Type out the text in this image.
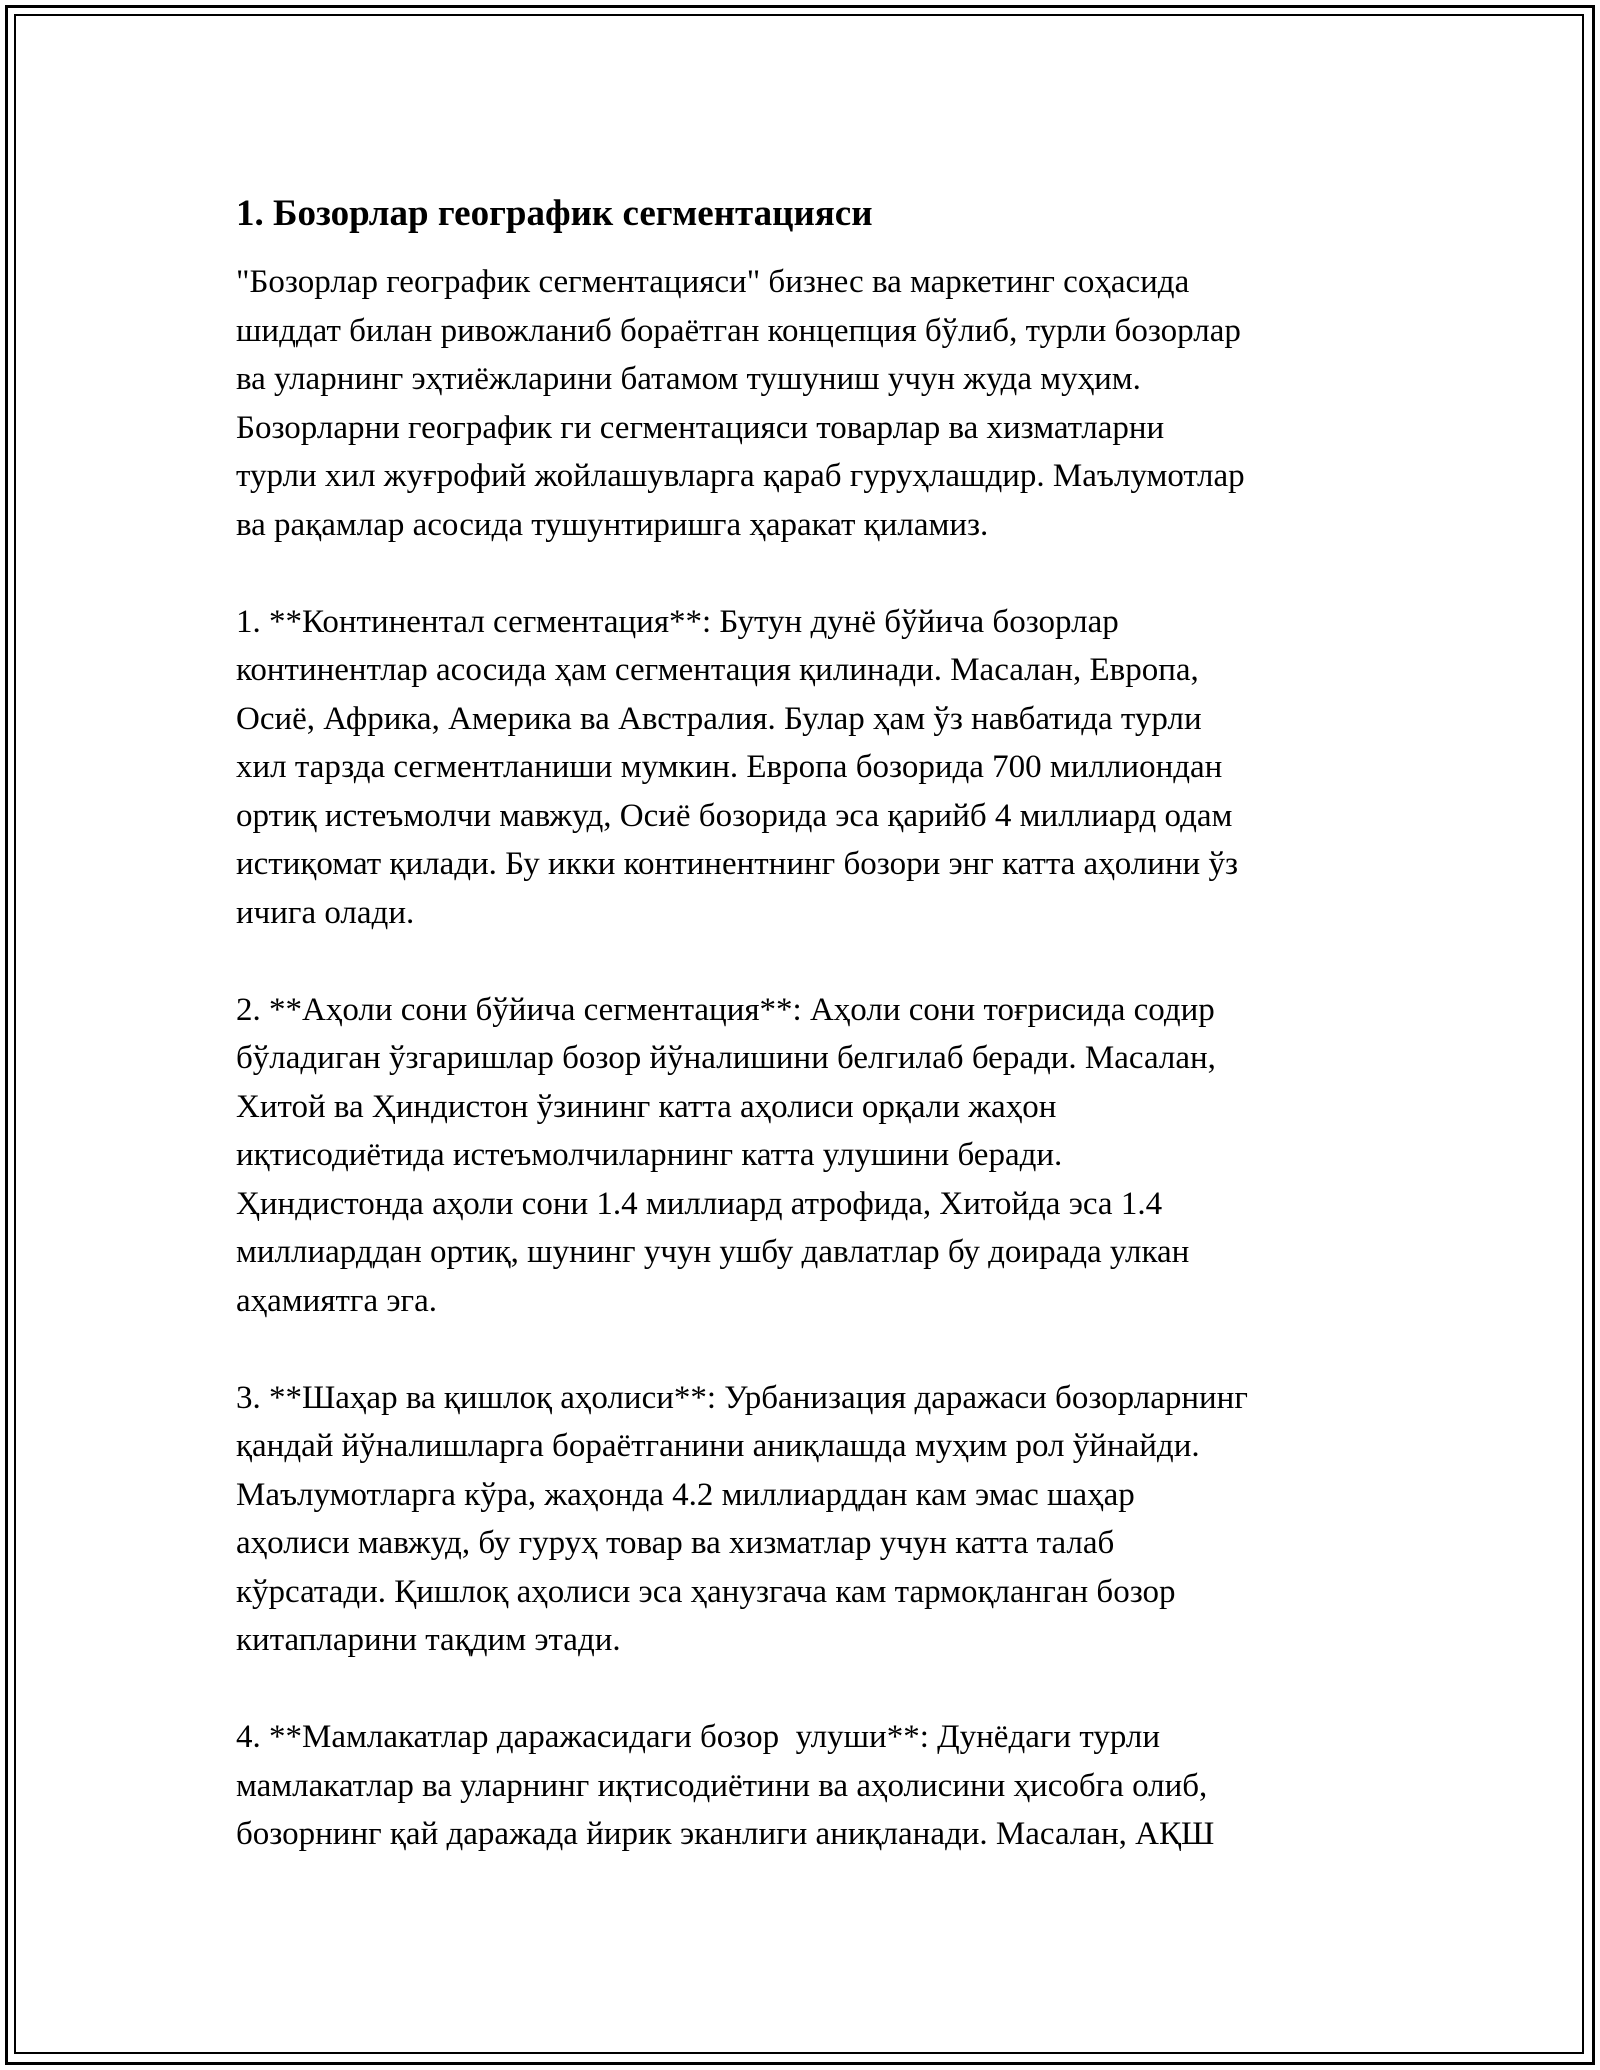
1. Бозорлар географик сегментацияси
"Бозорлар географик сегментацияси" бизнес ва маркетинг соҳасида
шиддат билан ривожланиб бораётган концепция бўлиб, турли бозорлар
ва уларнинг эҳтиёжларини батамом тушуниш учун жуда муҳим.
Бозорларни географик ги сегментацияси товарлар ва хизматларни
турли хил жуғрофий жойлашувларга қараб гуруҳлашдир. Маълумотлар
ва рақамлар асосида тушунтиришга ҳаракат қиламиз.
1. **Континентал сегментация**: Бутун дунё бўйича бозорлар
континентлар асосида ҳам сегментация қилинади. Масалан, Европа,
Осиё, Африка, Америка ва Австралия. Булар ҳам ўз навбатида турли
хил тарзда сегментланиши мумкин. Европа бозорида 700 миллиондан
ортиқ истеъмолчи мавжуд, Осиё бозорида эса қарийб 4 миллиард одам
истиқомат қилади. Бу икки континентнинг бозори энг катта аҳолини ўз
ичига олади.
2. **Аҳоли сони бўйича сегментация**: Аҳоли сони тоғрисида содир
бўладиган ўзгаришлар бозор йўналишини белгилаб беради. Масалан,
Хитой ва Ҳиндистон ўзининг катта аҳолиси орқали жаҳон
иқтисодиётида истеъмолчиларнинг катта улушини беради.
Ҳиндистонда аҳоли сони 1.4 миллиард атрофида, Хитойда эса 1.4
миллиарддан ортиқ, шунинг учун ушбу давлатлар бу доирада улкан
аҳамиятга эга.
3. **Шаҳар ва қишлоқ аҳолиси**: Урбанизация даражаси бозорларнинг
қандай йўналишларга бораётганини аниқлашда муҳим рол ўйнайди.
Маълумотларга кўра, жаҳонда 4.2 миллиарддан кам эмас шаҳар
аҳолиси мавжуд, бу гуруҳ товар ва хизматлар учун катта талаб
кўрсатади. Қишлоқ аҳолиси эса ҳанузгача кам тармоқланган бозор
китапларини тақдим этади.
4. **Мамлакатлар даражасидаги бозор  улуши**: Дунёдаги турли
мамлакатлар ва уларнинг иқтисодиётини ва аҳолисини ҳисобга олиб,
бозорнинг қай даражада йирик эканлиги аниқланади. Масалан, АҚШ
